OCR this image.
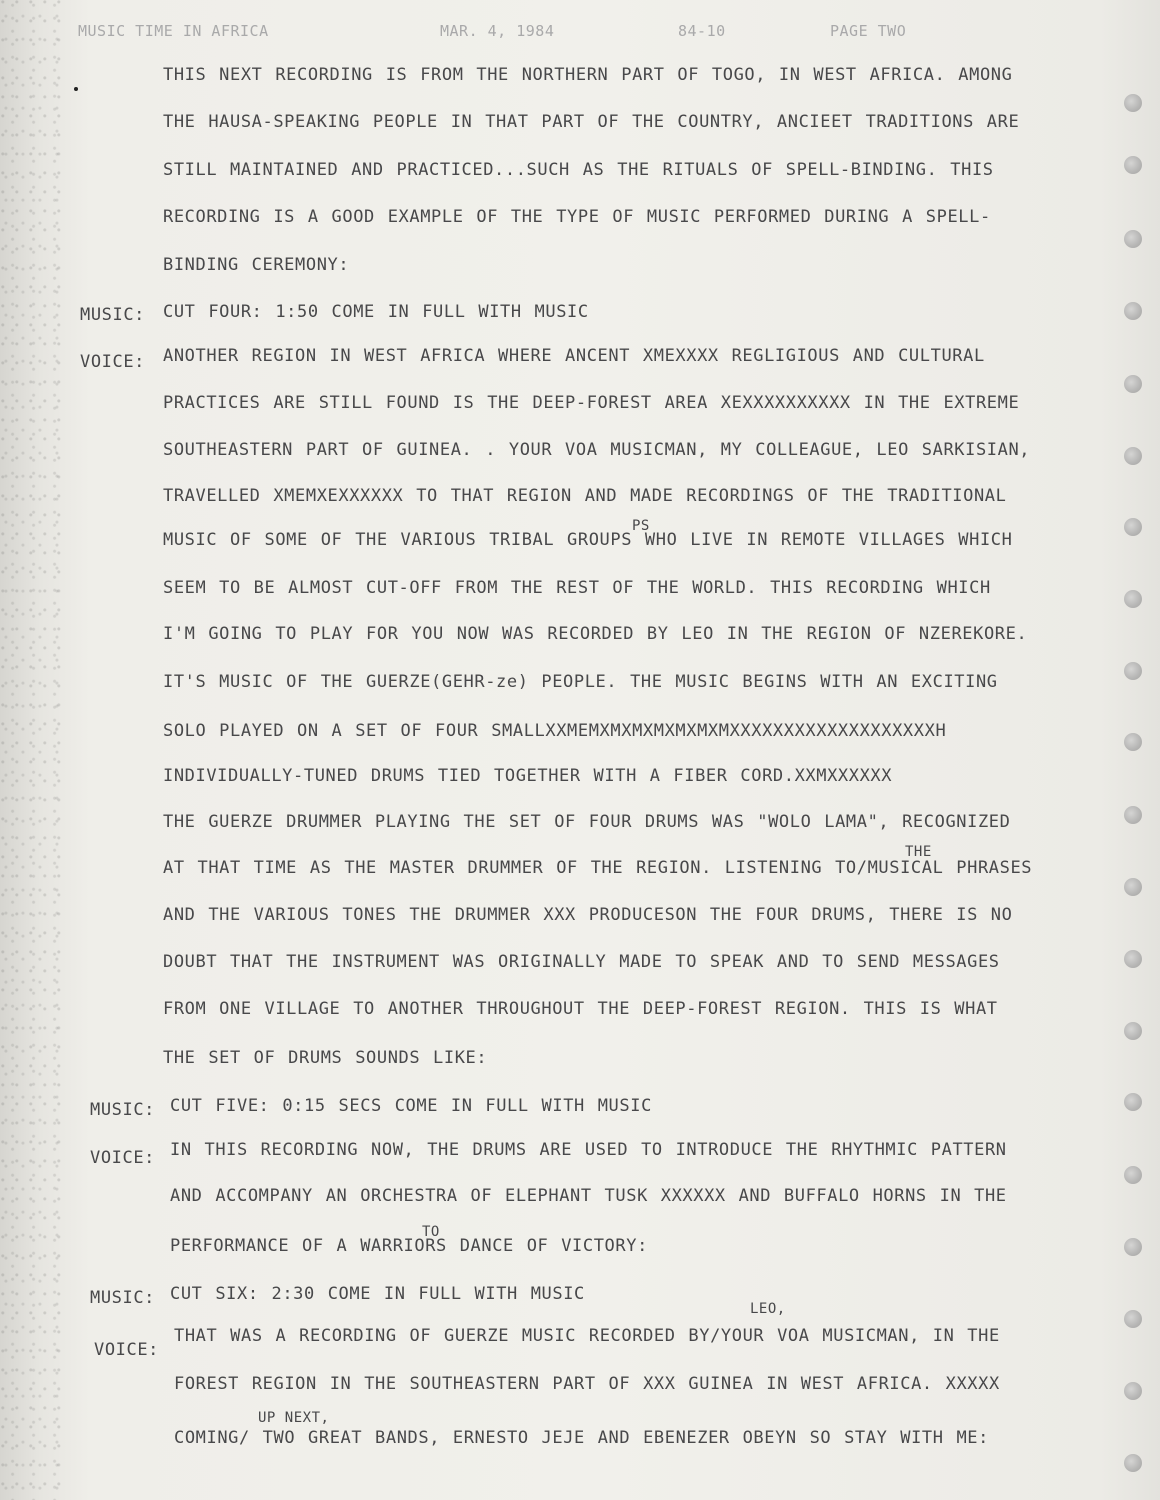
MUSIC TIME IN AFRICA	MAR. 4, 1984	84-10	PAGE TWO
THIS NEXT RECORDING IS FROM THE NORTHERN PART OF TOGO, IN WEST AFRICA. AMONG
THE HAUSA-SPEAKING PEOPLE IN THAT PART OF THE COUNTRY, ANCIEET TRADITIONS ARE
STILL MAINTAINED AND PRACTICED...SUCH AS THE RITUALS OF SPELL-BINDING. THIS
RECORDING IS A GOOD EXAMPLE OF THE TYPE OF MUSIC PERFORMED DURING A SPELL-
BINDING CEREMONY:
MUSIC: CUT FOUR: 1:50 COME IN FULL WITH MUSIC
VOICE: ANOTHER REGION IN WEST AFRICA WHERE ANCENT XMEXXXX REGLIGIOUS AND CULTURAL
PRACTICES ARE STILL FOUND IS THE DEEP-FOREST AREA XEXXXXXXXXXX IN THE EXTREME
SOUTHEASTERN PART OF GUINEA. . YOUR VOA MUSICMAN, MY COLLEAGUE, LEO SARKISIAN,
TRAVELLED XMEMXEXXXXXX TO THAT REGION AND MADE RECORDINGS OF THE TRADITIONAL
MUSIC OF SOME OF THE VARIOUS TRIBAL GROUPS WHO LIVE IN REMOTE VILLAGES WHICH
SEEM TO BE ALMOST CUT-OFF FROM THE REST OF THE WORLD. THIS RECORDING WHICH
I'M GOING TO PLAY FOR YOU NOW WAS RECORDED BY LEO IN THE REGION OF NZEREKORE.
IT'S MUSIC OF THE GUERZE(GEHR-ze) PEOPLE. THE MUSIC BEGINS WITH AN EXCITING
SOLO PLAYED ON A SET OF FOUR SMALLXXMEMXMXMXMXMXMXMXXXXXXXXXXXXXXXXXXXH
INDIVIDUALLY-TUNED DRUMS TIED TOGETHER WITH A FIBER CORD.XXMXXXXXX
THE GUERZE DRUMMER PLAYING THE SET OF FOUR DRUMS WAS "WOLO LAMA", RECOGNIZED
AT THAT TIME AS THE MASTER DRUMMER OF THE REGION. LISTENING TO/MUSICAL PHRASES
AND THE VARIOUS TONES THE DRUMMER XXX PRODUCESON THE FOUR DRUMS, THERE IS NO
DOUBT THAT THE INSTRUMENT WAS ORIGINALLY MADE TO SPEAK AND TO SEND MESSAGES
FROM ONE VILLAGE TO ANOTHER THROUGHOUT THE DEEP-FOREST REGION. THIS IS WHAT
THE SET OF DRUMS SOUNDS LIKE:
MUSIC: CUT FIVE: 0:15 SECS COME IN FULL WITH MUSIC
VOICE: IN THIS RECORDING NOW, THE DRUMS ARE USED TO INTRODUCE THE RHYTHMIC PATTERN
AND ACCOMPANY AN ORCHESTRA OF ELEPHANT TUSK XXXXXX AND BUFFALO HORNS IN THE
PERFORMANCE OF A WARRIORS DANCE OF VICTORY:
MUSIC: CUT SIX: 2:30 COME IN FULL WITH MUSIC
VOICE:
THAT WAS A RECORDING OF GUERZE MUSIC RECORDED BY/YOUR VOA MUSICMAN, IN THE
FOREST REGION IN THE SOUTHEASTERN PART OF XXX GUINEA IN WEST AFRICA. XXXXX
COMING/ TWO GREAT BANDS, ERNESTO JEJE AND EBENEZER OBEYN SO STAY WITH ME:
PS
THE
TO
LEO,
UP NEXT,
